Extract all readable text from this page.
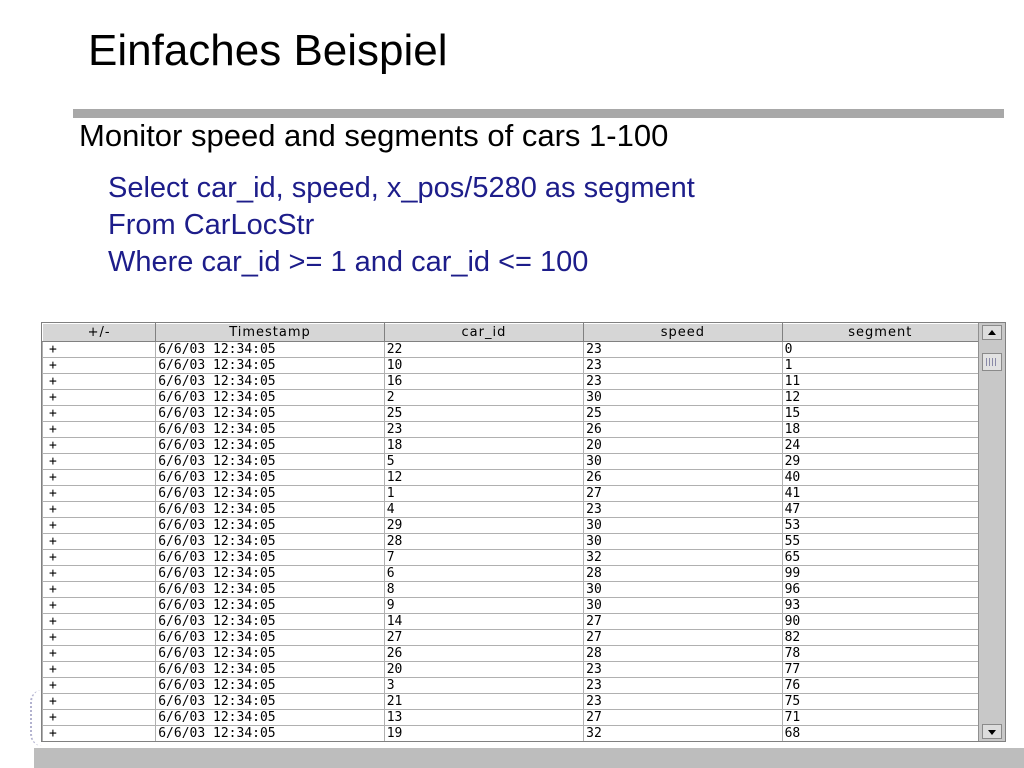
Einfaches Beispiel
Monitor speed and segments of cars 1-100
Select car_id, speed, x_pos/5280 as segment
From CarLocStr
Where car_id >= 1 and car_id <= 100
+/-	Timestamp	car_id	speed	segment
+	6/6/03 12:34:05	22	23	0
+	6/6/03 12:34:05	10	23	1
+	6/6/03 12:34:05	16	23	11
+	6/6/03 12:34:05	2	30	12
+	6/6/03 12:34:05	25	25	15
+	6/6/03 12:34:05	23	26	18
+	6/6/03 12:34:05	18	20	24
+	6/6/03 12:34:05	5	30	29
+	6/6/03 12:34:05	12	26	40
+	6/6/03 12:34:05	1	27	41
+	6/6/03 12:34:05	4	23	47
+	6/6/03 12:34:05	29	30	53
+	6/6/03 12:34:05	28	30	55
+	6/6/03 12:34:05	7	32	65
+	6/6/03 12:34:05	6	28	99
+	6/6/03 12:34:05	8	30	96
+	6/6/03 12:34:05	9	30	93
+	6/6/03 12:34:05	14	27	90
+	6/6/03 12:34:05	27	27	82
+	6/6/03 12:34:05	26	28	78
+	6/6/03 12:34:05	20	23	77
+	6/6/03 12:34:05	3	23	76
+	6/6/03 12:34:05	21	23	75
+	6/6/03 12:34:05	13	27	71
+	6/6/03 12:34:05	19	32	68
